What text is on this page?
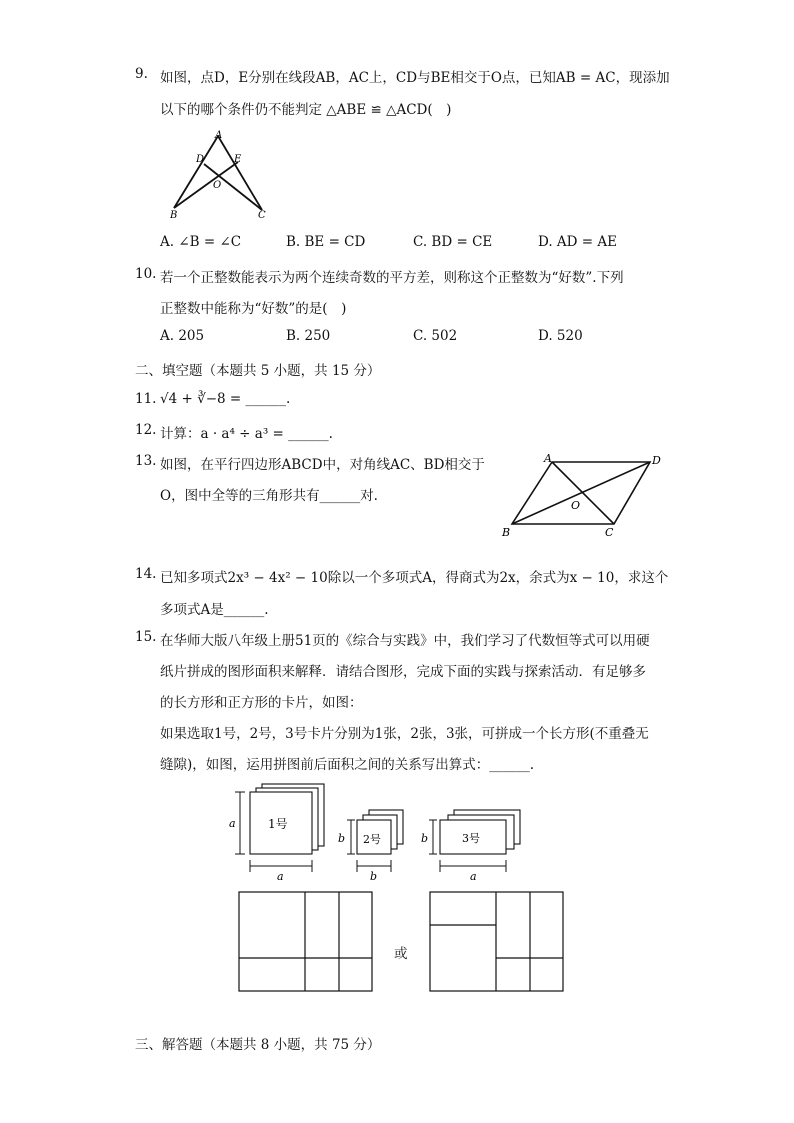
9. 如图，点D，E分别在线段AB，AC上，CD与BE相交于O点，已知AB = AC，现添加
以下的哪个条件仍不能判定 △ABE ≌ △ACD(　)
A
D	E
O
B	C
A. ∠B = ∠C	B. BE = CD	C. BD = CE	D. AD = AE
10. 若一个正整数能表示为两个连续奇数的平方差，则称这个正整数为“好数”.下列
正整数中能称为“好数”的是(　)
A. 205	B. 250	C. 502	D. 520
二、填空题（本题共 5 小题，共 15 分）
11. √4 + ∛−8 = ______.
12. 计算：a · a⁴ ÷ a³ = ______.
13. 如图，在平行四边形ABCD中，对角线AC、BD相交于
O，图中全等的三角形共有______对.
A	D
O
B	C
14. 已知多项式2x³ − 4x² − 10除以一个多项式A，得商式为2x，余式为x − 10，求这个
多项式A是______.
15. 在华师大版八年级上册51页的《综合与实践》中，我们学习了代数恒等式可以用硬
纸片拼成的图形面积来解释．请结合图形，完成下面的实践与探索活动．有足够多
的长方形和正方形的卡片，如图：
如果选取1号，2号，3号卡片分别为1张，2张，3张，可拼成一个长方形(不重叠无
缝隙)，如图，运用拼图前后面积之间的关系写出算式：______.
1号
2号	3号
a
a
b
b
b
a
或
三、解答题（本题共 8 小题，共 75 分）
